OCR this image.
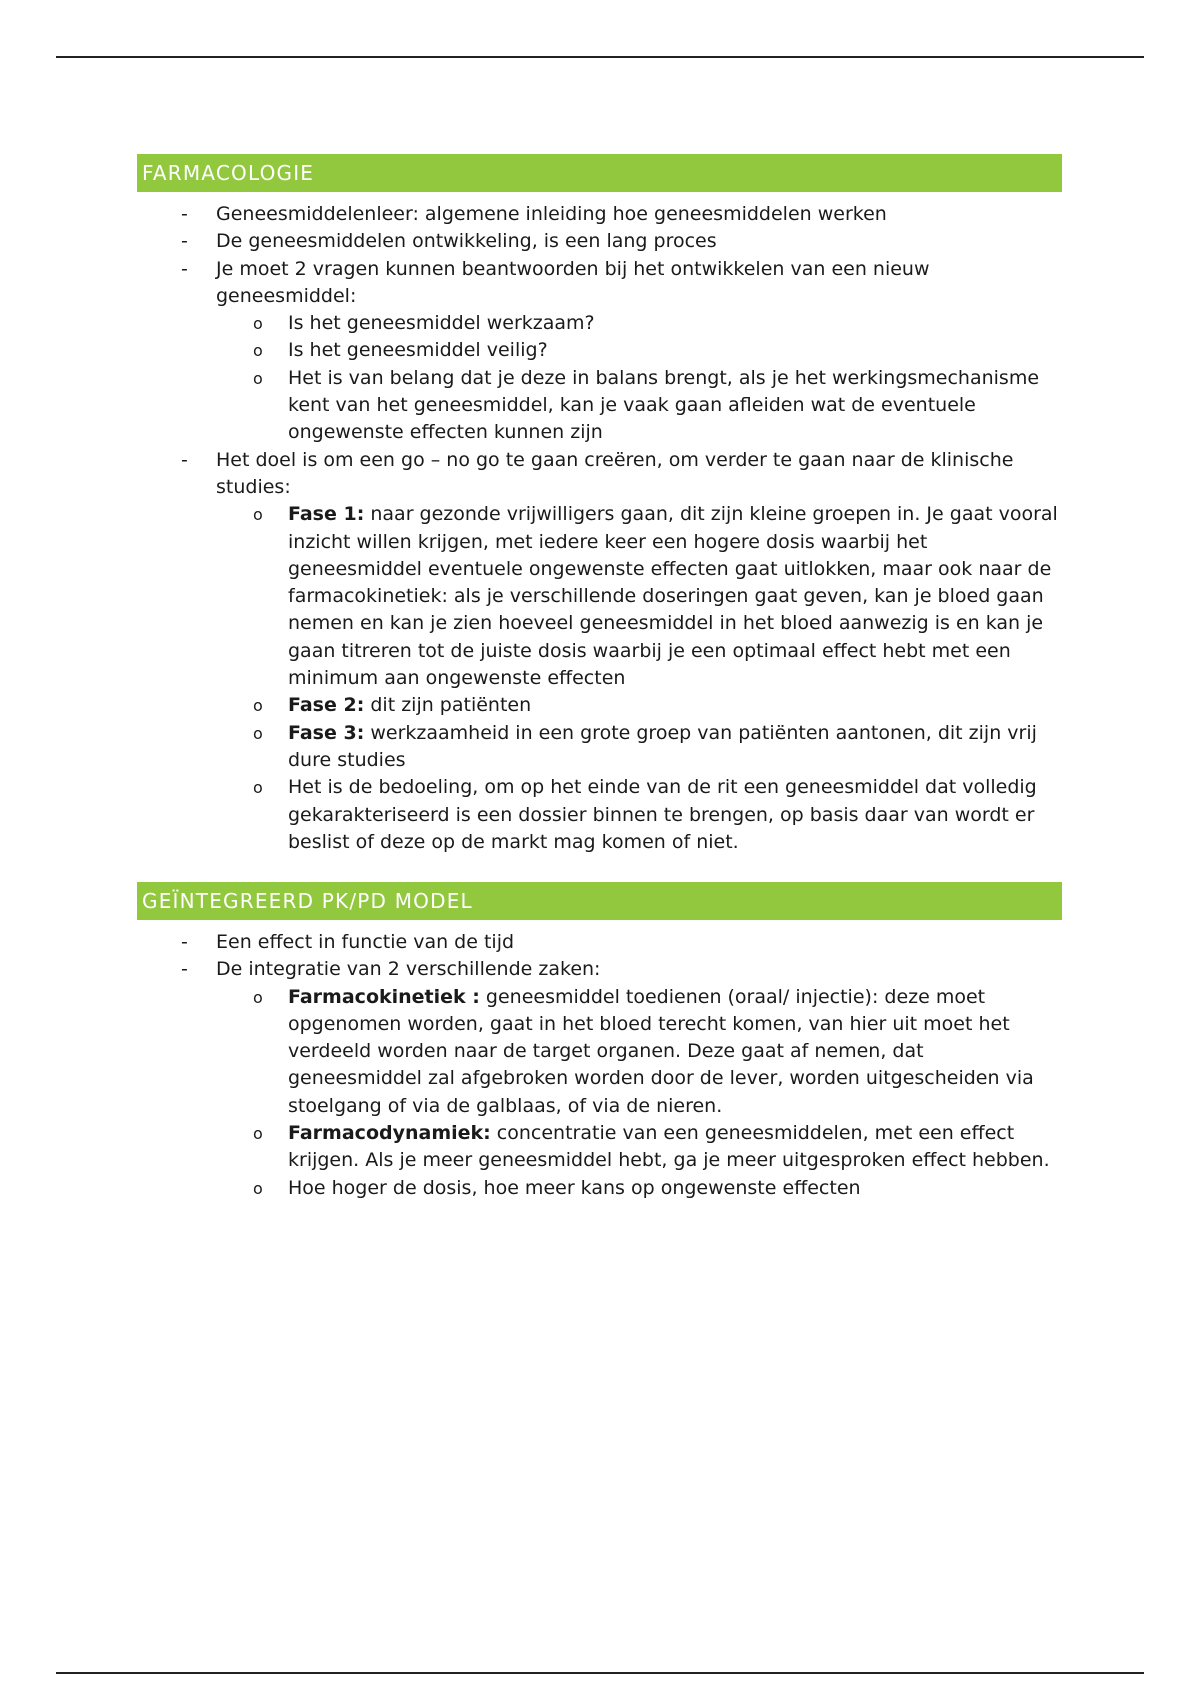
FARMACOLOGIE
- Geneesmiddelenleer: algemene inleiding hoe geneesmiddelen werken
- De geneesmiddelen ontwikkeling, is een lang proces
- Je moet 2 vragen kunnen beantwoorden bij het ontwikkelen van een nieuw geneesmiddel:
o Is het geneesmiddel werkzaam?
o Is het geneesmiddel veilig?
o Het is van belang dat je deze in balans brengt, als je het werkingsmechanisme kent van het geneesmiddel, kan je vaak gaan afleiden wat de eventuele ongewenste effecten kunnen zijn
- Het doel is om een go – no go te gaan creëren, om verder te gaan naar de klinische studies:
o Fase 1: naar gezonde vrijwilligers gaan, dit zijn kleine groepen in. Je gaat vooral inzicht willen krijgen, met iedere keer een hogere dosis waarbij het geneesmiddel eventuele ongewenste effecten gaat uitlokken, maar ook naar de farmacokinetiek: als je verschillende doseringen gaat geven, kan je bloed gaan nemen en kan je zien hoeveel geneesmiddel in het bloed aanwezig is en kan je gaan titreren tot de juiste dosis waarbij je een optimaal effect hebt met een minimum aan ongewenste effecten
o Fase 2: dit zijn patiënten
o Fase 3: werkzaamheid in een grote groep van patiënten aantonen, dit zijn vrij dure studies
o Het is de bedoeling, om op het einde van de rit een geneesmiddel dat volledig gekarakteriseerd is een dossier binnen te brengen, op basis daar van wordt er beslist of deze op de markt mag komen of niet.
GEÏNTEGREERD PK/PD MODEL
- Een effect in functie van de tijd
- De integratie van 2 verschillende zaken:
o Farmacokinetiek : geneesmiddel toedienen (oraal/ injectie): deze moet opgenomen worden, gaat in het bloed terecht komen, van hier uit moet het verdeeld worden naar de target organen. Deze gaat af nemen, dat geneesmiddel zal afgebroken worden door de lever, worden uitgescheiden via stoelgang of via de galblaas, of via de nieren.
o Farmacodynamiek: concentratie van een geneesmiddelen, met een effect krijgen. Als je meer geneesmiddel hebt, ga je meer uitgesproken effect hebben.
o Hoe hoger de dosis, hoe meer kans op ongewenste effecten
